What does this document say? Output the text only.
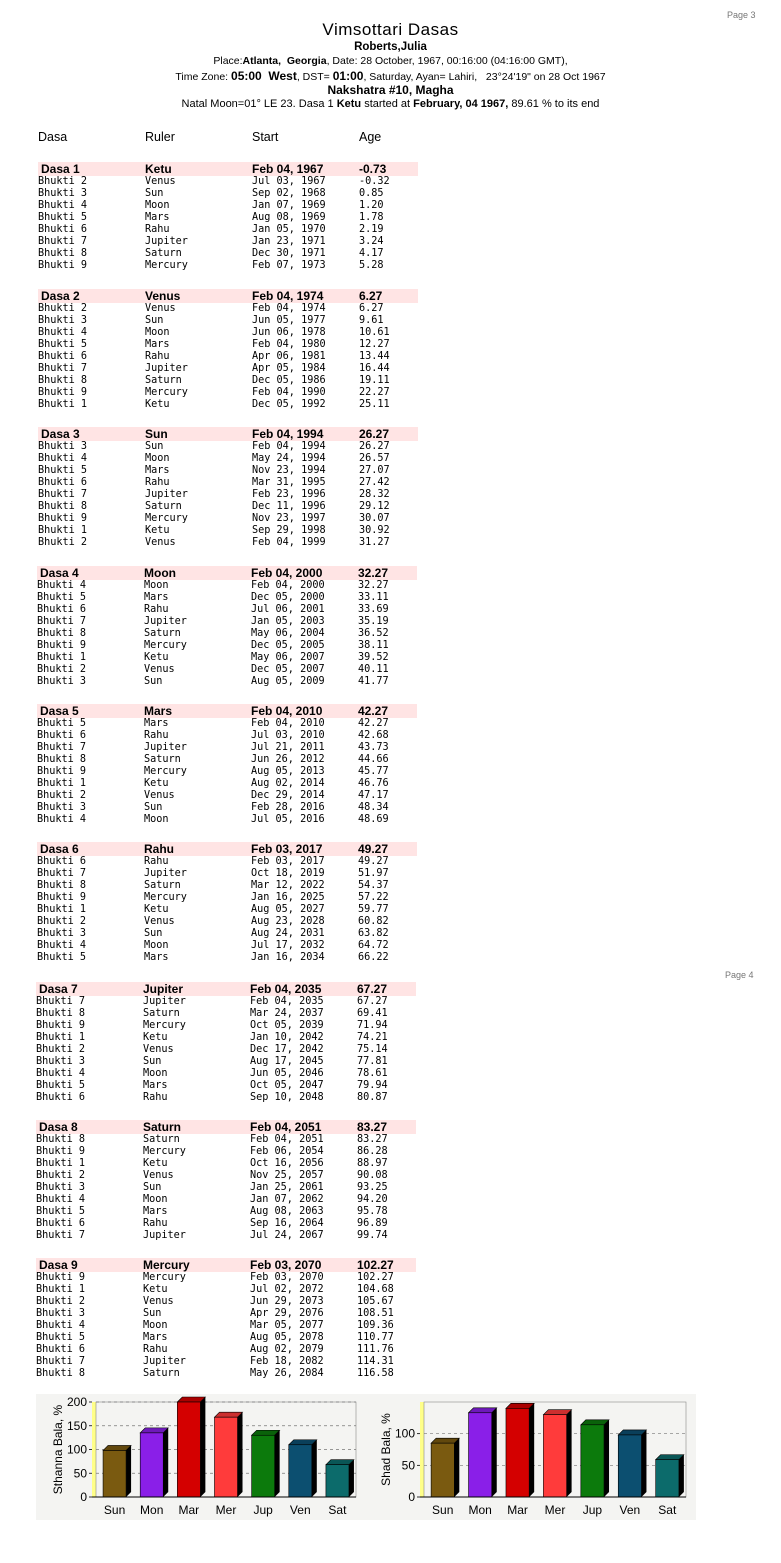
Page 3
Page 4
Vimsottari Dasas
Roberts,Julia
Place:Atlanta,  Georgia, Date: 28 October, 1967, 00:16:00 (04:16:00 GMT),
Time Zone: 05:00  West, DST= 01:00, Saturday, Ayan= Lahiri,   23°24'19" on 28 Oct 1967
Nakshatra #10, Magha
Natal Moon=01° LE 23. Dasa 1 Ketu started at February, 04 1967, 89.61 % to its end
Dasa	Ruler	Start	Age
Dasa 1	Ketu	Feb 04, 1967	-0.73
Bhukti 2	Venus	Jul 03, 1967	-0.32
Bhukti 3	Sun	Sep 02, 1968	0.85
Bhukti 4	Moon	Jan 07, 1969	1.20
Bhukti 5	Mars	Aug 08, 1969	1.78
Bhukti 6	Rahu	Jan 05, 1970	2.19
Bhukti 7	Jupiter	Jan 23, 1971	3.24
Bhukti 8	Saturn	Dec 30, 1971	4.17
Bhukti 9	Mercury	Feb 07, 1973	5.28
Dasa 2	Venus	Feb 04, 1974	6.27
Bhukti 2	Venus	Feb 04, 1974	6.27
Bhukti 3	Sun	Jun 05, 1977	9.61
Bhukti 4	Moon	Jun 06, 1978	10.61
Bhukti 5	Mars	Feb 04, 1980	12.27
Bhukti 6	Rahu	Apr 06, 1981	13.44
Bhukti 7	Jupiter	Apr 05, 1984	16.44
Bhukti 8	Saturn	Dec 05, 1986	19.11
Bhukti 9	Mercury	Feb 04, 1990	22.27
Bhukti 1	Ketu	Dec 05, 1992	25.11
Dasa 3	Sun	Feb 04, 1994	26.27
Bhukti 3	Sun	Feb 04, 1994	26.27
Bhukti 4	Moon	May 24, 1994	26.57
Bhukti 5	Mars	Nov 23, 1994	27.07
Bhukti 6	Rahu	Mar 31, 1995	27.42
Bhukti 7	Jupiter	Feb 23, 1996	28.32
Bhukti 8	Saturn	Dec 11, 1996	29.12
Bhukti 9	Mercury	Nov 23, 1997	30.07
Bhukti 1	Ketu	Sep 29, 1998	30.92
Bhukti 2	Venus	Feb 04, 1999	31.27
Dasa 4	Moon	Feb 04, 2000	32.27
Bhukti 4	Moon	Feb 04, 2000	32.27
Bhukti 5	Mars	Dec 05, 2000	33.11
Bhukti 6	Rahu	Jul 06, 2001	33.69
Bhukti 7	Jupiter	Jan 05, 2003	35.19
Bhukti 8	Saturn	May 06, 2004	36.52
Bhukti 9	Mercury	Dec 05, 2005	38.11
Bhukti 1	Ketu	May 06, 2007	39.52
Bhukti 2	Venus	Dec 05, 2007	40.11
Bhukti 3	Sun	Aug 05, 2009	41.77
Dasa 5	Mars	Feb 04, 2010	42.27
Bhukti 5	Mars	Feb 04, 2010	42.27
Bhukti 6	Rahu	Jul 03, 2010	42.68
Bhukti 7	Jupiter	Jul 21, 2011	43.73
Bhukti 8	Saturn	Jun 26, 2012	44.66
Bhukti 9	Mercury	Aug 05, 2013	45.77
Bhukti 1	Ketu	Aug 02, 2014	46.76
Bhukti 2	Venus	Dec 29, 2014	47.17
Bhukti 3	Sun	Feb 28, 2016	48.34
Bhukti 4	Moon	Jul 05, 2016	48.69
Dasa 6	Rahu	Feb 03, 2017	49.27
Bhukti 6	Rahu	Feb 03, 2017	49.27
Bhukti 7	Jupiter	Oct 18, 2019	51.97
Bhukti 8	Saturn	Mar 12, 2022	54.37
Bhukti 9	Mercury	Jan 16, 2025	57.22
Bhukti 1	Ketu	Aug 05, 2027	59.77
Bhukti 2	Venus	Aug 23, 2028	60.82
Bhukti 3	Sun	Aug 24, 2031	63.82
Bhukti 4	Moon	Jul 17, 2032	64.72
Bhukti 5	Mars	Jan 16, 2034	66.22
Dasa 7	Jupiter	Feb 04, 2035	67.27
Bhukti 7	Jupiter	Feb 04, 2035	67.27
Bhukti 8	Saturn	Mar 24, 2037	69.41
Bhukti 9	Mercury	Oct 05, 2039	71.94
Bhukti 1	Ketu	Jan 10, 2042	74.21
Bhukti 2	Venus	Dec 17, 2042	75.14
Bhukti 3	Sun	Aug 17, 2045	77.81
Bhukti 4	Moon	Jun 05, 2046	78.61
Bhukti 5	Mars	Oct 05, 2047	79.94
Bhukti 6	Rahu	Sep 10, 2048	80.87
Dasa 8	Saturn	Feb 04, 2051	83.27
Bhukti 8	Saturn	Feb 04, 2051	83.27
Bhukti 9	Mercury	Feb 06, 2054	86.28
Bhukti 1	Ketu	Oct 16, 2056	88.97
Bhukti 2	Venus	Nov 25, 2057	90.08
Bhukti 3	Sun	Jan 25, 2061	93.25
Bhukti 4	Moon	Jan 07, 2062	94.20
Bhukti 5	Mars	Aug 08, 2063	95.78
Bhukti 6	Rahu	Sep 16, 2064	96.89
Bhukti 7	Jupiter	Jul 24, 2067	99.74
Dasa 9	Mercury	Feb 03, 2070	102.27
Bhukti 9	Mercury	Feb 03, 2070	102.27
Bhukti 1	Ketu	Jul 02, 2072	104.68
Bhukti 2	Venus	Jun 29, 2073	105.67
Bhukti 3	Sun	Apr 29, 2076	108.51
Bhukti 4	Moon	Mar 05, 2077	109.36
Bhukti 5	Mars	Aug 05, 2078	110.77
Bhukti 6	Rahu	Aug 02, 2079	111.76
Bhukti 7	Jupiter	Feb 18, 2082	114.31
Bhukti 8	Saturn	May 26, 2084	116.58
0
50
100
150
200
Sthanna Bala, %
Sun Mon Mar Mer Jup Ven Sat
0
50
100
Shad Bala, %
Sun Mon Mar Mer Jup Ven Sat
